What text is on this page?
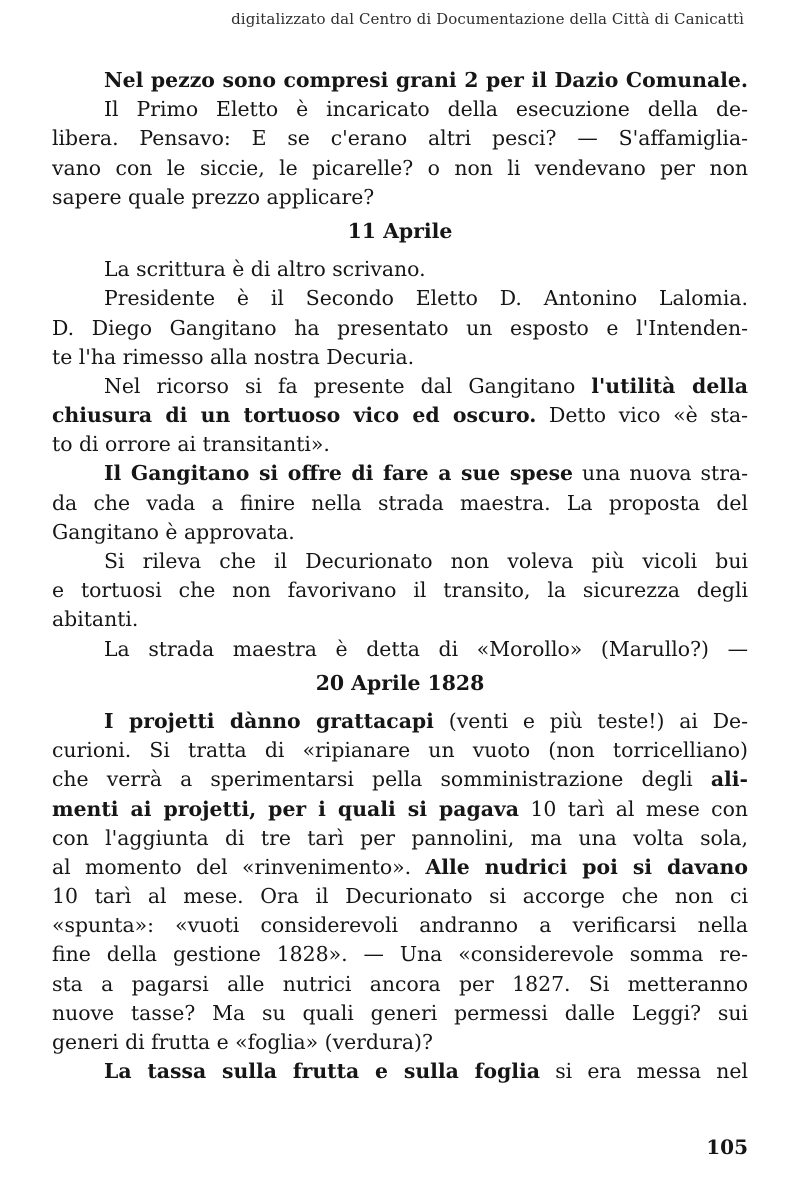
digitalizzato dal Centro di Documentazione della Città di Canicattì
Nel pezzo sono compresi grani 2 per il Dazio Comunale.
Il Primo Eletto è incaricato della esecuzione della de-
libera. Pensavo: E se c'erano altri pesci? — S'affamiglia-
vano con le siccie, le picarelle? o non li vendevano per non
sapere quale prezzo applicare?
11 Aprile
La scrittura è di altro scrivano.
Presidente è il Secondo Eletto D. Antonino Lalomia.
D. Diego Gangitano ha presentato un esposto e l'Intenden-
te l'ha rimesso alla nostra Decuria.
Nel ricorso si fa presente dal Gangitano l'utilità della
chiusura di un tortuoso vico ed oscuro. Detto vico «è sta-
to di orrore ai transitanti».
Il Gangitano si offre di fare a sue spese una nuova stra-
da che vada a finire nella strada maestra. La proposta del
Gangitano è approvata.
Si rileva che il Decurionato non voleva più vicoli bui
e tortuosi che non favorivano il transito, la sicurezza degli
abitanti.
La strada maestra è detta di «Morollo» (Marullo?) —
20 Aprile 1828
I projetti dànno grattacapi (venti e più teste!) ai De-
curioni. Si tratta di «ripianare un vuoto (non torricelliano)
che verrà a sperimentarsi pella somministrazione degli ali-
menti ai projetti, per i quali si pagava 10 tarì al mese con
con l'aggiunta di tre tarì per pannolini, ma una volta sola,
al momento del «rinvenimento». Alle nudrici poi si davano
10 tarì al mese. Ora il Decurionato si accorge che non ci
«spunta»: «vuoti considerevoli andranno a verificarsi nella
fine della gestione 1828». — Una «considerevole somma re-
sta a pagarsi alle nutrici ancora per 1827. Si metteranno
nuove tasse? Ma su quali generi permessi dalle Leggi? sui
generi di frutta e «foglia» (verdura)?
La tassa sulla frutta e sulla foglia si era messa nel
105
